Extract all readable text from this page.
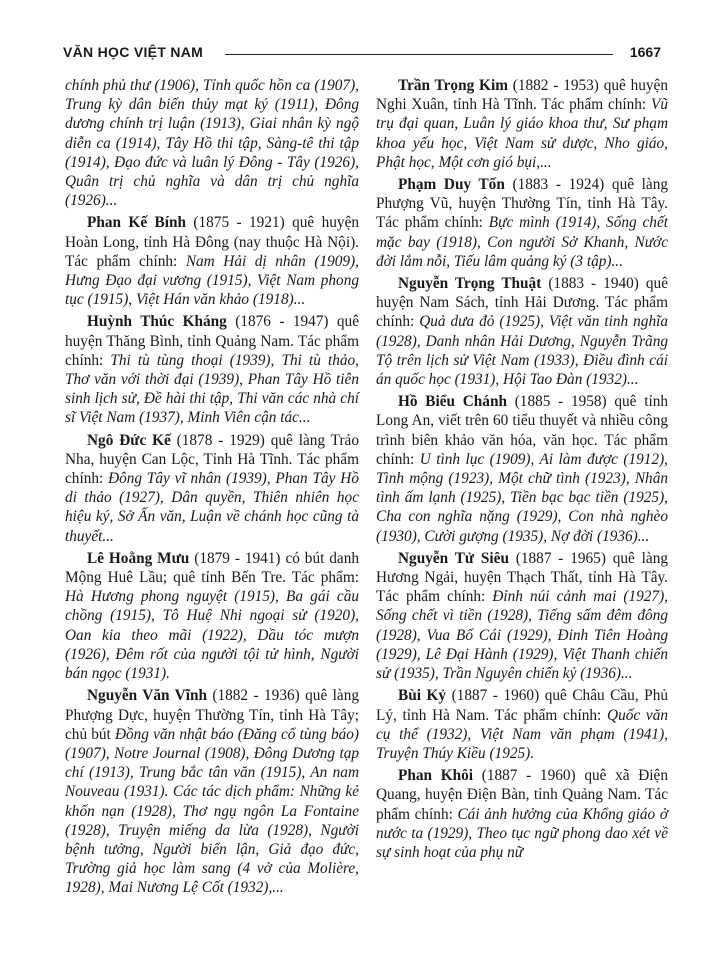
VĂN HỌC VIỆT NAM	1667

chính phủ thư (1906), Tỉnh quốc hồn ca (1907), Trung kỳ dân biến thủy mạt ký (1911), Đông dương chính trị luận (1913), Giai nhân kỳ ngộ diễn ca (1914), Tây Hồ thi tập, Sàng-tê thi tập (1914), Đạo đức và luân lý Đông - Tây (1926), Quân trị chủ nghĩa và dân trị chủ nghĩa (1926)...

Phan Kế Bính (1875 - 1921) quê huyện Hoàn Long, tỉnh Hà Đông (nay thuộc Hà Nội). Tác phẩm chính: Nam Hải dị nhân (1909), Hưng Đạo đại vương (1915), Việt Nam phong tục (1915), Việt Hán văn khảo (1918)...

Huỳnh Thúc Kháng (1876 - 1947) quê huyện Thăng Bình, tỉnh Quảng Nam. Tác phẩm chính: Thi tù tùng thoại (1939), Thi tù thảo, Thơ văn với thời đại (1939), Phan Tây Hồ tiên sinh lịch sử, Đề hài thi tập, Thi văn các nhà chí sĩ Việt Nam (1937), Minh Viên cận tác...

Ngô Đức Kế (1878 - 1929) quê làng Trảo Nha, huyện Can Lộc, Tỉnh Hà Tĩnh. Tác phẩm chính: Đông Tây vĩ nhân (1939), Phan Tây Hồ di thảo (1927), Dân quyền, Thiên nhiên học hiệu ký, Sở Ấn văn, Luận về chánh học cũng tà thuyết...

Lê Hoằng Mưu (1879 - 1941) có bút danh Mộng Huê Lầu; quê tỉnh Bến Tre. Tác phẩm: Hà Hương phong nguyệt (1915), Ba gái cầu chồng (1915), Tô Huệ Nhi ngoại sử (1920), Oan kia theo mãi (1922), Dầu tóc mượn (1926), Đêm rốt của người tội tử hình, Người bán ngọc (1931).

Nguyễn Văn Vĩnh (1882 - 1936) quê làng Phượng Dực, huyện Thường Tín, tỉnh Hà Tây; chủ bút Đồng văn nhật báo (Đăng cổ tùng báo) (1907), Notre Journal (1908), Đông Dương tạp chí (1913), Trung bắc tân văn (1915), An nam Nouveau (1931). Các tác dịch phẩm: Những kẻ khốn nạn (1928), Thơ ngụ ngôn La Fontaine (1928), Truyện miếng da lừa (1928), Người bệnh tưởng, Người biển lận, Giả đạo đức, Trường giả học làm sang (4 vở của Molière, 1928), Mai Nương Lệ Cốt (1932),...

Trần Trọng Kim (1882 - 1953) quê huyện Nghi Xuân, tỉnh Hà Tĩnh. Tác phẩm chính: Vũ trụ đại quan, Luân lý giáo khoa thư, Sư phạm khoa yếu học, Việt Nam sử dược, Nho giáo, Phật học, Một cơn gió bụi,...

Phạm Duy Tốn (1883 - 1924) quê làng Phượng Vũ, huyện Thường Tín, tỉnh Hà Tây. Tác phẩm chính: Bực mình (1914), Sống chết mặc bay (1918), Con người Sở Khanh, Nước đời lắm nỗi, Tiếu lâm quảng ký (3 tập)...

Nguyễn Trọng Thuật (1883 - 1940) quê huyện Nam Sách, tỉnh Hải Dương. Tác phẩm chính: Quả dưa đỏ (1925), Việt văn tinh nghĩa (1928), Danh nhân Hải Dương, Nguyễn Trãng Tộ trên lịch sử Việt Nam (1933), Điều đình cái án quốc học (1931), Hội Tao Đàn (1932)...

Hồ Biểu Chánh (1885 - 1958) quê tỉnh Long An, viết trên 60 tiểu thuyết và nhiều công trình biên khảo văn hóa, văn học. Tác phẩm chính: U tình lục (1909), Ai làm được (1912), Tình mộng (1923), Một chữ tình (1923), Nhân tình ấm lạnh (1925), Tiền bạc bạc tiền (1925), Cha con nghĩa nặng (1929), Con nhà nghèo (1930), Cười gượng (1935), Nợ đời (1936)...

Nguyễn Tử Siêu (1887 - 1965) quê làng Hương Ngải, huyện Thạch Thất, tỉnh Hà Tây. Tác phẩm chính: Đỉnh núi cảnh mai (1927), Sống chết vì tiền (1928), Tiếng sấm đêm đông (1928), Vua Bố Cái (1929), Đinh Tiên Hoàng (1929), Lê Đại Hành (1929), Việt Thanh chiến sử (1935), Trần Nguyên chiến kỷ (1936)...

Bùi Kỷ (1887 - 1960) quê Châu Cầu, Phủ Lý, tỉnh Hà Nam. Tác phẩm chính: Quốc văn cụ thể (1932), Việt Nam văn phạm (1941), Truyện Thúy Kiều (1925).

Phan Khôi (1887 - 1960) quê xã Điện Quang, huyện Điện Bàn, tỉnh Quảng Nam. Tác phẩm chính: Cái ảnh hưởng của Khổng giáo ở nước ta (1929), Theo tục ngữ phong dao xét về sự sinh hoạt của phụ nữ
